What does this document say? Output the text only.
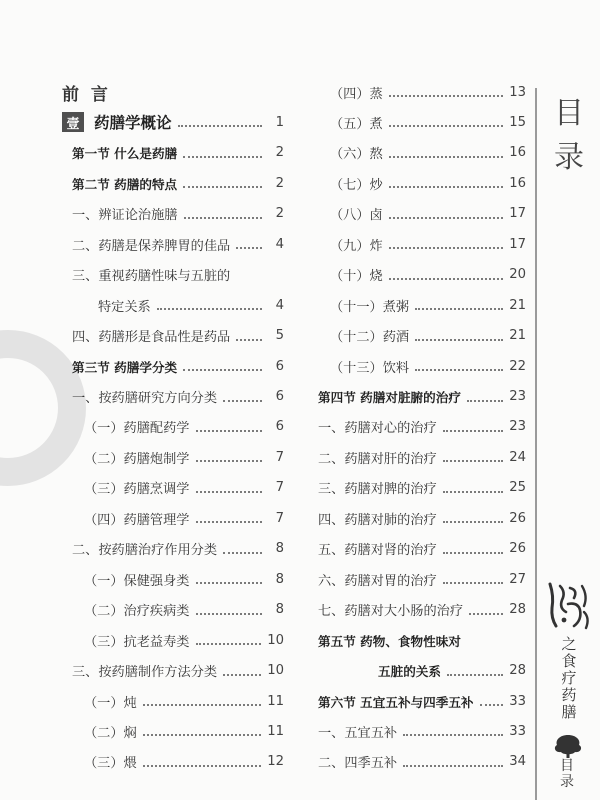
前 言
壹 药膳学概论	1
第一节 什么是药膳	2
第二节 药膳的特点	2
一、辨证论治施膳	2
二、药膳是保养脾胃的佳品	4
三、重视药膳性味与五脏的
特定关系	4
四、药膳形是食品性是药品	5
第三节 药膳学分类	6
一、按药膳研究方向分类	6
（一）药膳配药学	6
（二）药膳炮制学	7
（三）药膳烹调学	7
（四）药膳管理学	7
二、按药膳治疗作用分类	8
（一）保健强身类	8
（二）治疗疾病类	8
（三）抗老益寿类	10
三、按药膳制作方法分类	10
（一）炖	11
（二）焖	11
（三）煨	12
（四）蒸	13
（五）煮	15
（六）熬	16
（七）炒	16
（八）卤	17
（九）炸	17
（十）烧	20
（十一）煮粥	21
（十二）药酒	21
（十三）饮料	22
第四节 药膳对脏腑的治疗	23
一、药膳对心的治疗	23
二、药膳对肝的治疗	24
三、药膳对脾的治疗	25
四、药膳对肺的治疗	26
五、药膳对肾的治疗	26
六、药膳对胃的治疗	27
七、药膳对大小肠的治疗	28
第五节 药物、食物性味对
五脏的关系	28
第六节 五宜五补与四季五补	33
一、五宜五补	33
二、四季五补	34
目
录
之
食
疗
药
膳
目
录
